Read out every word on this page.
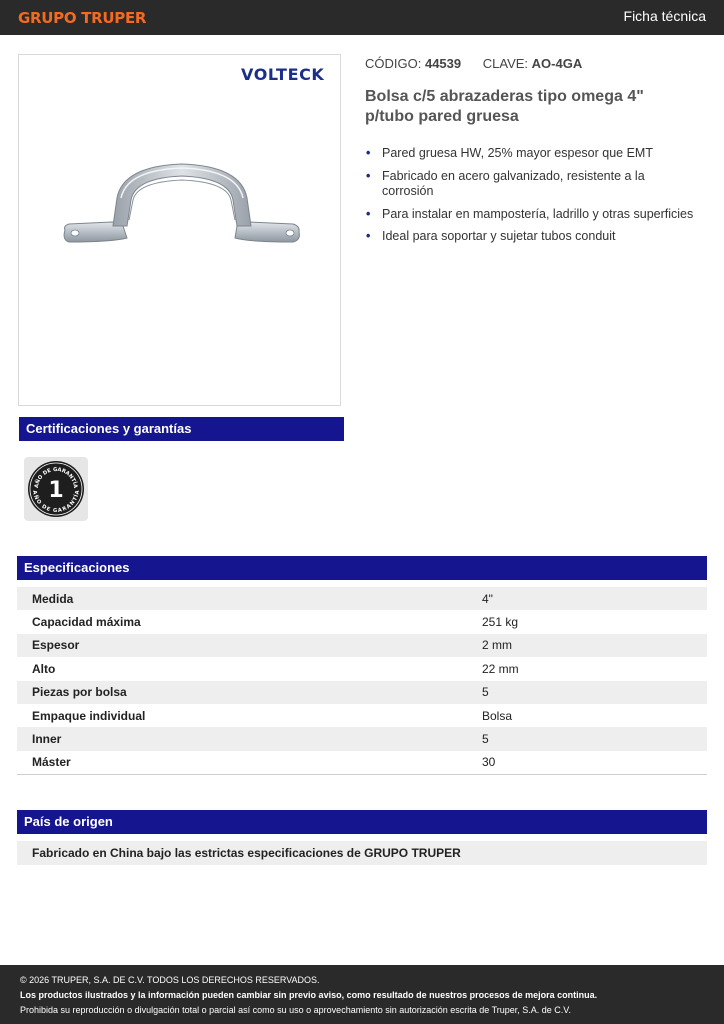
GRUPO TRUPER	Ficha técnica
VOLTECK
CÓDIGO: 44539 CLAVE: AO-4GA
Bolsa c/5 abrazaderas tipo omega 4" p/tubo pared gruesa
• Pared gruesa HW, 25% mayor espesor que EMT
• Fabricado en acero galvanizado, resistente a la corrosión
• Para instalar en mampostería, ladrillo y otras superficies
• Ideal para soportar y sujetar tubos conduit
Certificaciones y garantías
AÑO DE GARANTÍA
AÑO DE GARANTÍA
1
Especificaciones
Medida	4"
Capacidad máxima	251 kg
Espesor	2 mm
Alto	22 mm
Piezas por bolsa	5
Empaque individual	Bolsa
Inner	5
Máster	30
País de origen
Fabricado en China bajo las estrictas especificaciones de GRUPO TRUPER

© 2026 TRUPER, S.A. DE C.V. TODOS LOS DERECHOS RESERVADOS.

Los productos ilustrados y la información pueden cambiar sin previo aviso, como resultado de nuestros procesos de mejora continua.

Prohibida su reproducción o divulgación total o parcial así como su uso o aprovechamiento sin autorización escrita de Truper, S.A. de C.V.
